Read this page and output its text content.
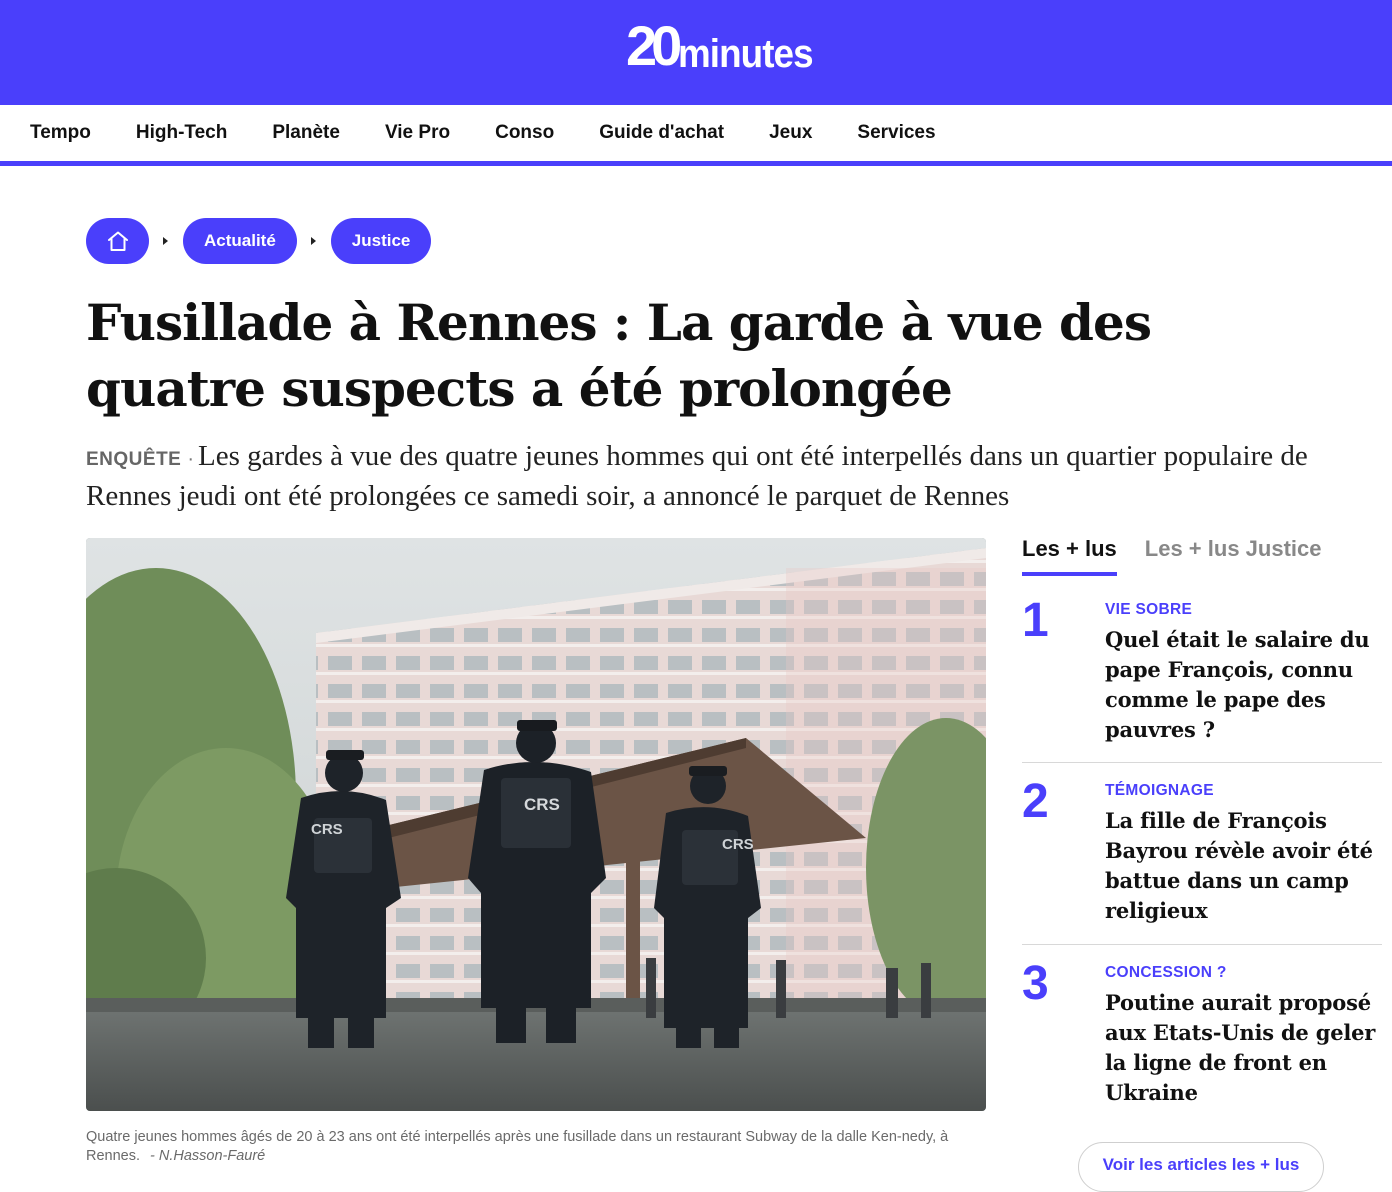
20 minutes
Tempo High-Tech Planète Vie Pro Conso Guide d'achat Jeux Services
Actualité	Justice
Fusillade à Rennes : La garde à vue des quatre suspects a été prolongée

ENQUÊTE · Les gardes à vue des quatre jeunes hommes qui ont été interpellés dans un quartier populaire de Rennes jeudi ont été prolongées ce samedi soir, a annoncé le parquet de Rennes

CRS
CRS
CRS
Quatre jeunes hommes âgés de 20 à 23 ans ont été interpellés après une fusillade dans un restaurant Subway de la dalle Ken-nedy, à Rennes. - N.Hasson-Fauré
Les + lus Les + lus Justice
1	VIE SOBRE
Quel était le salaire du pape François, connu comme le pape des pauvres ?
2	TÉMOIGNAGE
La fille de François Bayrou révèle avoir été battue dans un camp religieux
3	CONCESSION ?
Poutine aurait proposé aux Etats-Unis de geler la ligne de front en Ukraine
Voir les articles les + lus
